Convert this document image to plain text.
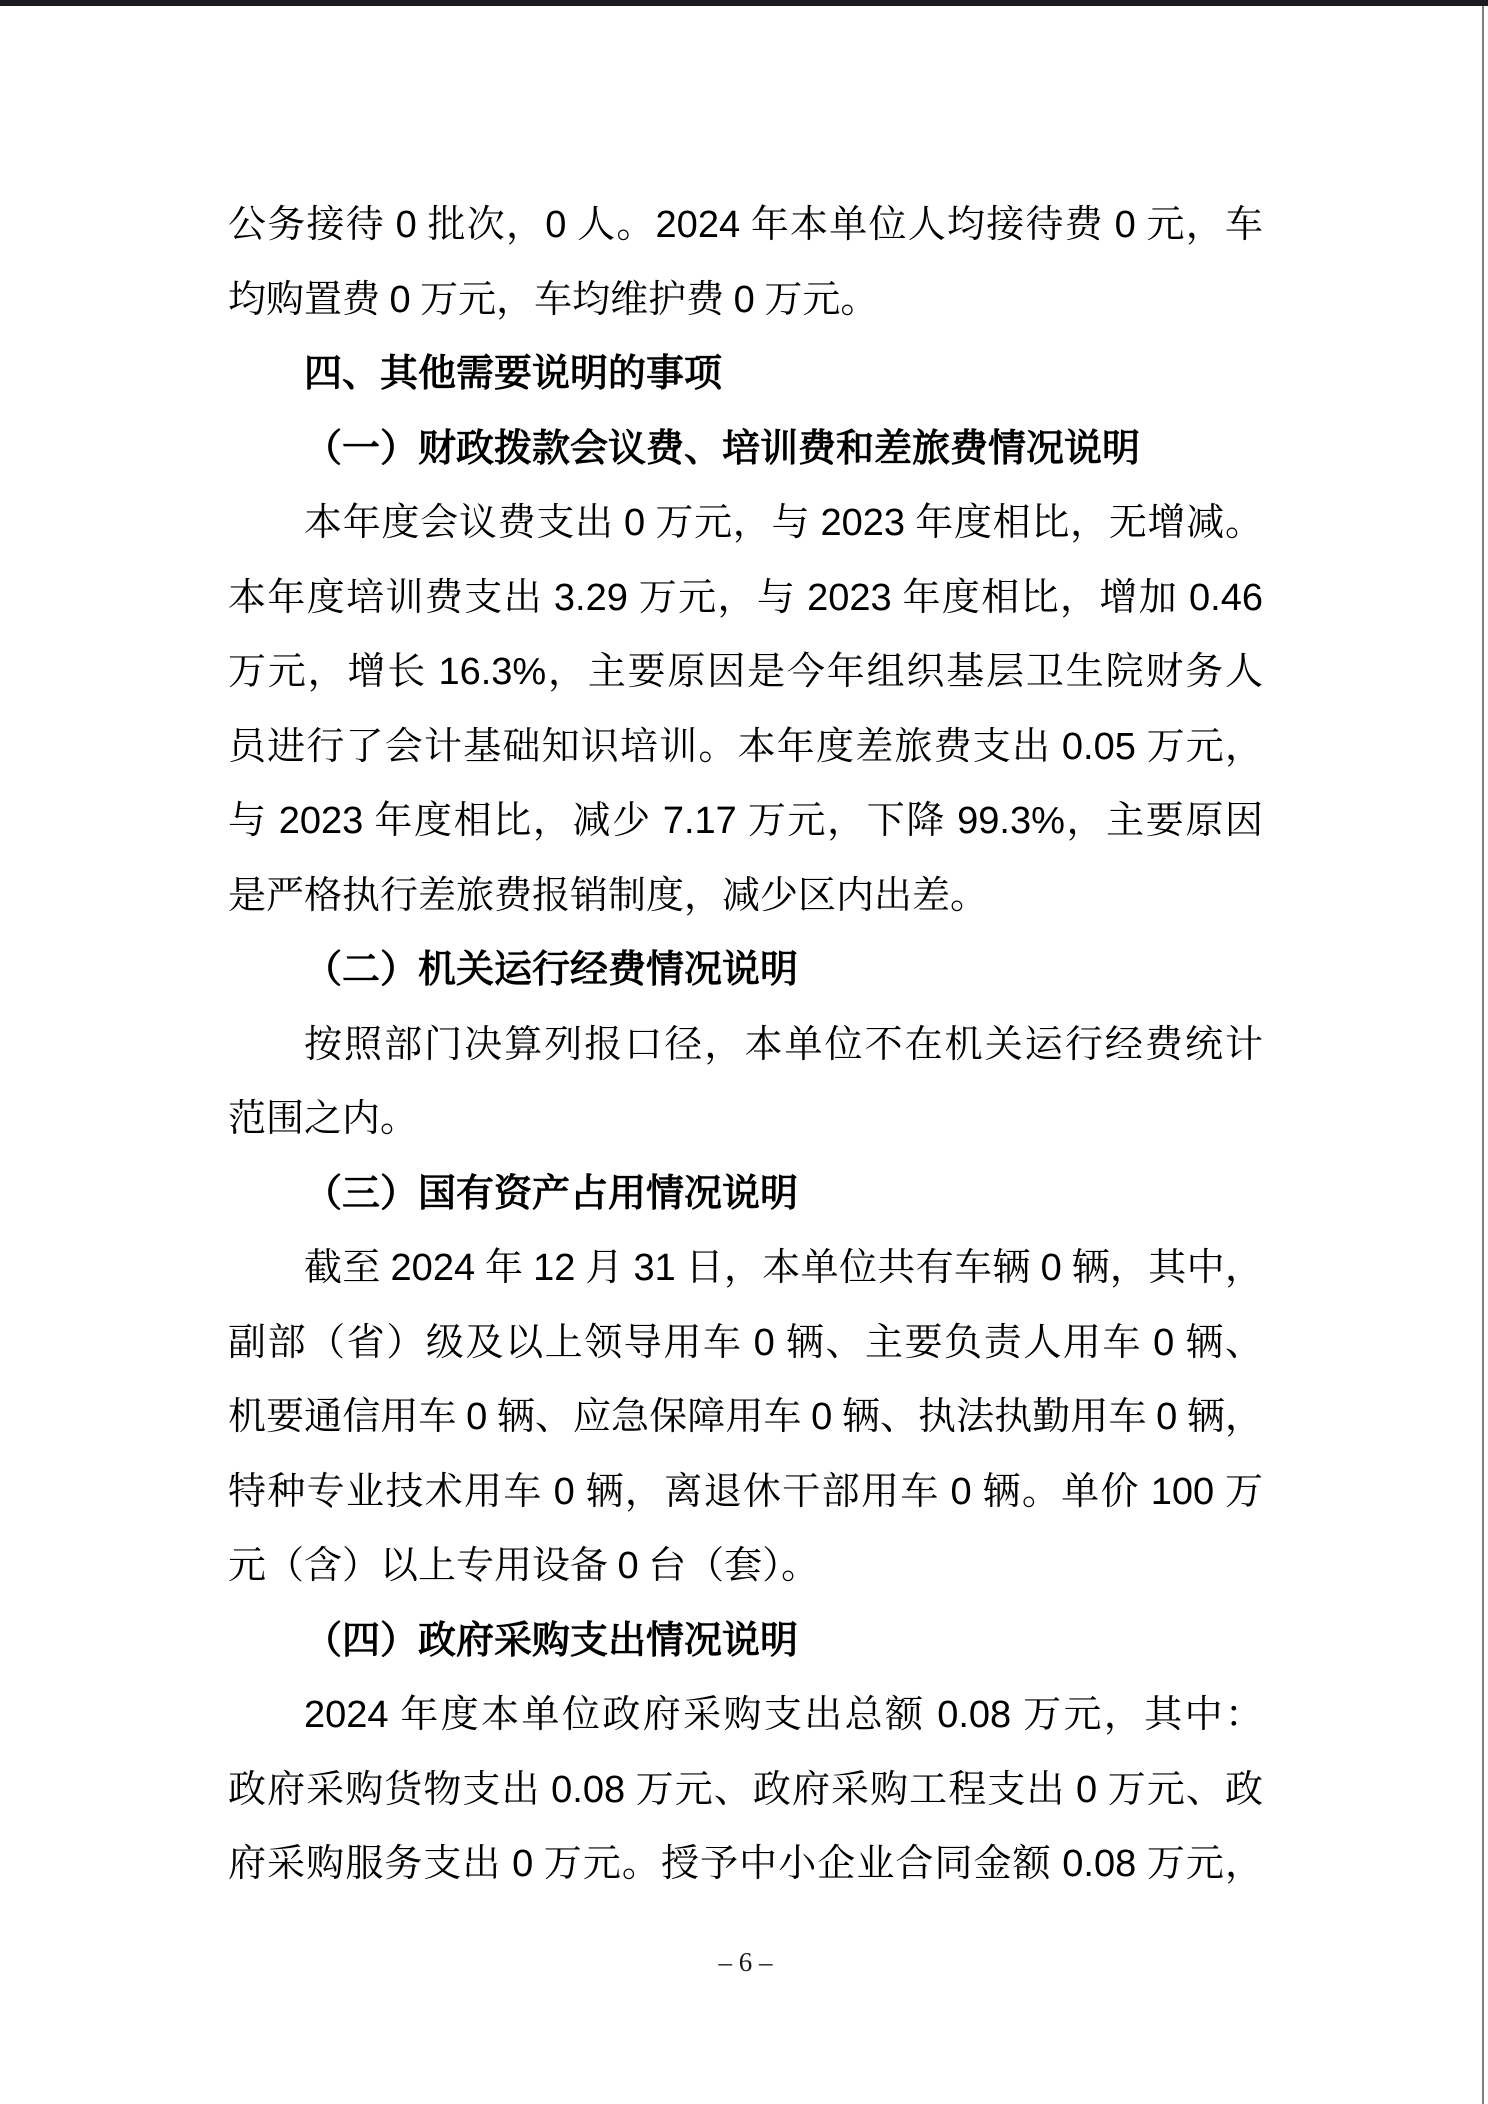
公务接待 0 批次，0 人。2024 年本单位人均接待费 0 元，车
均购置费 0 万元，车均维护费 0 万元。
四、其他需要说明的事项
（一）财政拨款会议费、培训费和差旅费情况说明
本年度会议费支出 0 万元，与 2023 年度相比，无增减。
本年度培训费支出 3.29 万元，与 2023 年度相比，增加 0.46
万元，增长 16.3%，主要原因是今年组织基层卫生院财务人
员进行了会计基础知识培训。本年度差旅费支出 0.05 万元，
与 2023 年度相比，减少 7.17 万元，下降 99.3%，主要原因
是严格执行差旅费报销制度，减少区内出差。
（二）机关运行经费情况说明
按照部门决算列报口径，本单位不在机关运行经费统计
范围之内。
（三）国有资产占用情况说明
截至 2024 年 12 月 31 日，本单位共有车辆 0 辆，其中，
副部（省）级及以上领导用车 0 辆、主要负责人用车 0 辆、
机要通信用车 0 辆、应急保障用车 0 辆、执法执勤用车 0 辆，
特种专业技术用车 0 辆，离退休干部用车 0 辆。单价 100 万
元（含）以上专用设备 0 台（套）。
（四）政府采购支出情况说明
2024 年度本单位政府采购支出总额 0.08 万元，其中：
政府采购货物支出 0.08 万元、政府采购工程支出 0 万元、政
府采购服务支出 0 万元。授予中小企业合同金额 0.08 万元，
– 6 –
